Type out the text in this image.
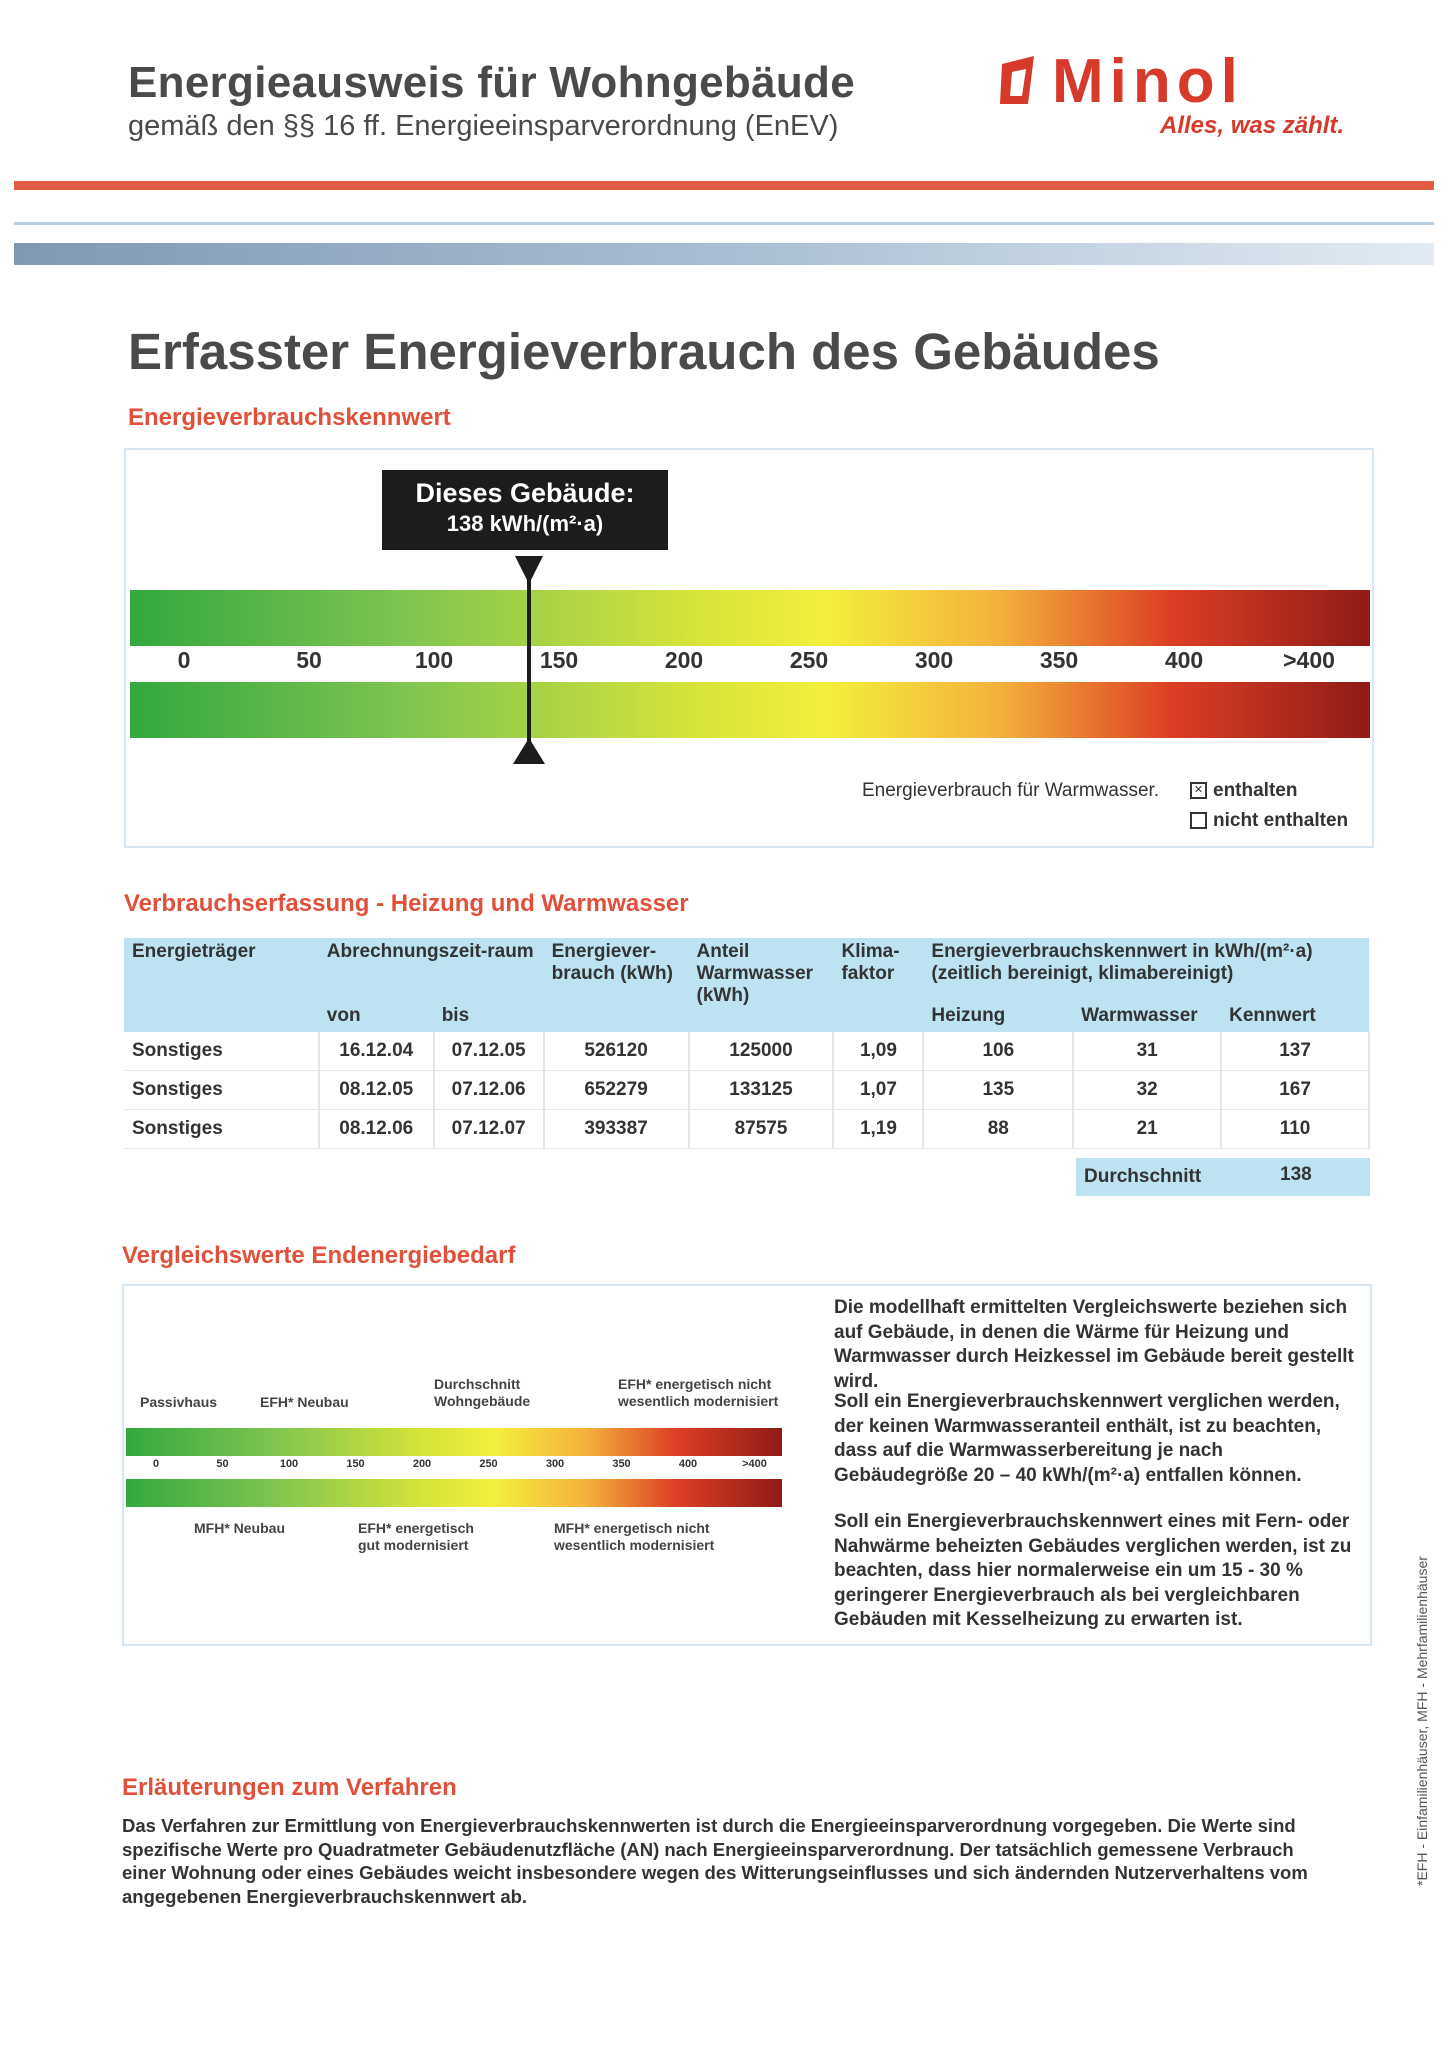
Energieausweis für Wohngebäude
gemäß den §§ 16 ff. Energieeinsparverordnung (EnEV)
Minol
Alles, was zählt.
Erfasster Energieverbrauch des Gebäudes
Energieverbrauchskennwert
Dieses Gebäude:
138 kWh/(m²·a)
0	50	100	150	200	250	300	350	400	>400
Energieverbrauch für Warmwasser.	✕ enthalten
nicht enthalten
Verbrauchserfassung - Heizung und Warmwasser
Energieträger	Abrechnungszeit-raum		Energiever-brauch (kWh)	Anteil Warmwasser (kWh)	Klima-faktor	Energieverbrauchskennwert in kWh/(m²·a) (zeitlich bereinigt, klimabereinigt)		
	von	bis				Heizung	Warmwasser	Kennwert
Sonstiges	16.12.04	07.12.05	526120	125000	1,09	106	31	137
Sonstiges	08.12.05	07.12.06	652279	133125	1,07	135	32	167
Sonstiges	08.12.06	07.12.07	393387	87575	1,19	88	21	110
Durchschnitt	138
Vergleichswerte Endenergiebedarf
Passivhaus	EFH* Neubau
Durchschnitt Wohngebäude
EFH* energetisch nicht wesentlich modernisiert
0	50	100	150	200	250	300	350	400	>400
MFH* Neubau	EFH* energetisch gut modernisiert
MFH* energetisch nicht wesentlich modernisiert
Die modellhaft ermittelten Vergleichswerte beziehen sich auf Gebäude, in denen die Wärme für Heizung und Warmwasser durch Heizkessel im Gebäude bereit gestellt wird.
Soll ein Energieverbrauchskennwert verglichen werden, der keinen Warmwasseranteil enthält, ist zu beachten, dass auf die Warmwasserbereitung je nach Gebäudegröße 20 – 40 kWh/(m²·a) entfallen können.
Soll ein Energieverbrauchskennwert eines mit Fern- oder Nahwärme beheizten Gebäudes verglichen werden, ist zu beachten, dass hier normalerweise ein um 15 - 30 % geringerer Energieverbrauch als bei vergleichbaren Gebäuden mit Kesselheizung zu erwarten ist.
Erläuterungen zum Verfahren
Das Verfahren zur Ermittlung von Energieverbrauchskennwerten ist durch die Energieeinsparverordnung vorgegeben. Die Werte sind spezifische Werte pro Quadratmeter Gebäudenutzfläche (AN) nach Energieeinsparverordnung. Der tatsächlich gemessene Verbrauch einer Wohnung oder eines Gebäudes weicht insbesondere wegen des Witterungseinflusses und sich ändernden Nutzerverhaltens vom angegebenen Energieverbrauchskennwert ab.
*EFH - Einfamilienhäuser, MFH - Mehrfamilienhäuser
